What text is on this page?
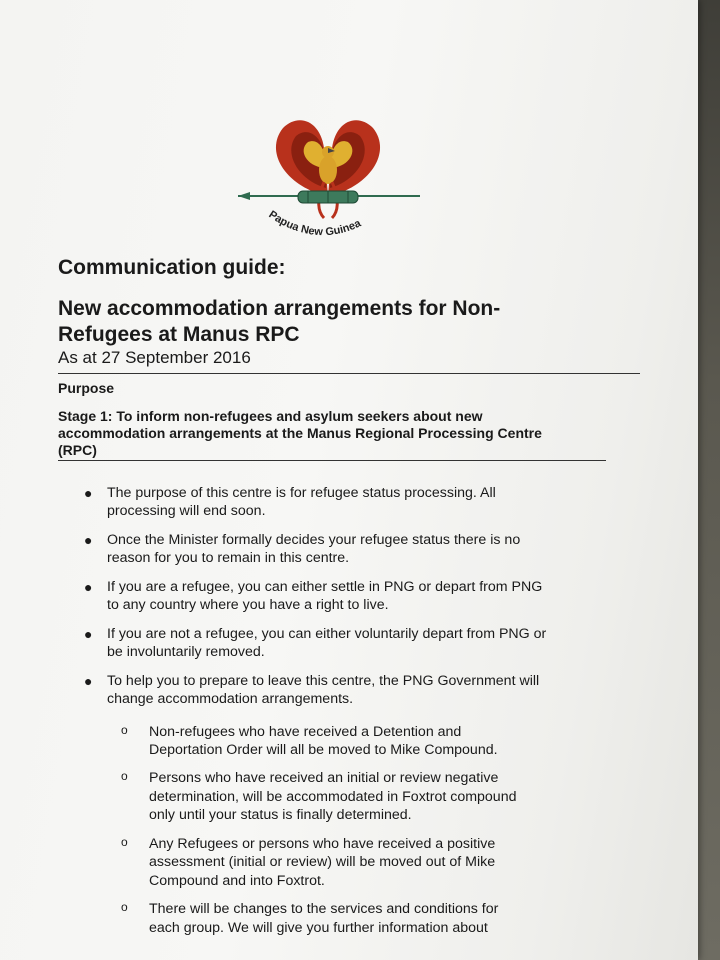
Papua New Guinea
Communication guide:
New accommodation arrangements for Non-Refugees at Manus RPC
As at 27 September 2016
Purpose
Stage 1: To inform non-refugees and asylum seekers about new accommodation arrangements at the Manus Regional Processing Centre (RPC)
● The purpose of this centre is for refugee status processing. All processing will end soon.
● Once the Minister formally decides your refugee status there is no reason for you to remain in this centre.
● If you are a refugee, you can either settle in PNG or depart from PNG to any country where you have a right to live.
● If you are not a refugee, you can either voluntarily depart from PNG or be involuntarily removed.
● To help you to prepare to leave this centre, the PNG Government will change accommodation arrangements.
o Non-refugees who have received a Detention and Deportation Order will all be moved to Mike Compound.
o Persons who have received an initial or review negative determination, will be accommodated in Foxtrot compound only until your status is finally determined.
o Any Refugees or persons who have received a positive assessment (initial or review) will be moved out of Mike Compound and into Foxtrot.
o There will be changes to the services and conditions for each group. We will give you further information about
